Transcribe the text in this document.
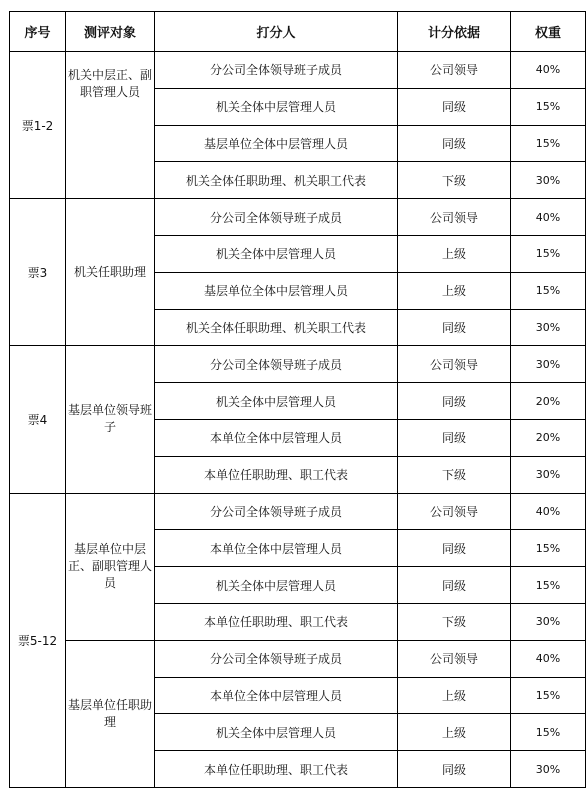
序号	测评对象	打分人	计分依据	权重
票1-2	机关中层正、副职管理人员	分公司全体领导班子成员	公司领导	40%
		机关全体中层管理人员	同级	15%
		基层单位全体中层管理人员	同级	15%
		机关全体任职助理、机关职工代表	下级	30%
票3	机关任职助理	分公司全体领导班子成员	公司领导	40%
		机关全体中层管理人员	上级	15%
		基层单位全体中层管理人员	上级	15%
		机关全体任职助理、机关职工代表	同级	30%
票4	基层单位领导班子	分公司全体领导班子成员	公司领导	30%
		机关全体中层管理人员	同级	20%
		本单位全体中层管理人员	同级	20%
		本单位任职助理、职工代表	下级	30%
票5-12	基层单位中层正、副职管理人员	分公司全体领导班子成员	公司领导	40%
		本单位全体中层管理人员	同级	15%
		机关全体中层管理人员	同级	15%
		本单位任职助理、职工代表	下级	30%
	基层单位任职助理	分公司全体领导班子成员	公司领导	40%
		本单位全体中层管理人员	上级	15%
		机关全体中层管理人员	上级	15%
		本单位任职助理、职工代表	同级	30%
